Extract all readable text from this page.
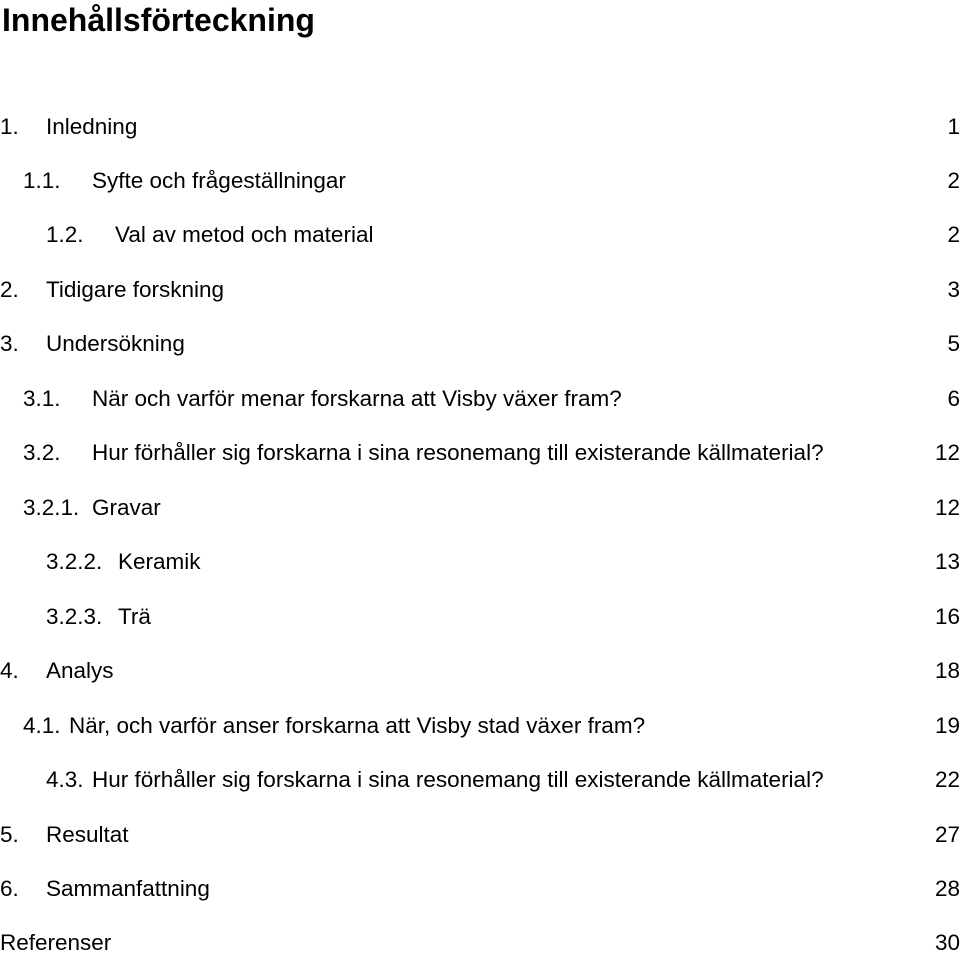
Innehållsförteckning
1. Inledning	1
1.1. Syfte och frågeställningar	2
1.2. Val av metod och material	2
2. Tidigare forskning	3
3. Undersökning	5
3.1. När och varför menar forskarna att Visby växer fram?	6
3.2. Hur förhåller sig forskarna i sina resonemang till existerande källmaterial?	12
3.2.1. Gravar	12
3.2.2. Keramik	13
3.2.3. Trä	16
4. Analys	18
4.1. När, och varför anser forskarna att Visby stad växer fram?	19
4.3. Hur förhåller sig forskarna i sina resonemang till existerande källmaterial?	22
5. Resultat	27
6. Sammanfattning	28
Referenser	30
